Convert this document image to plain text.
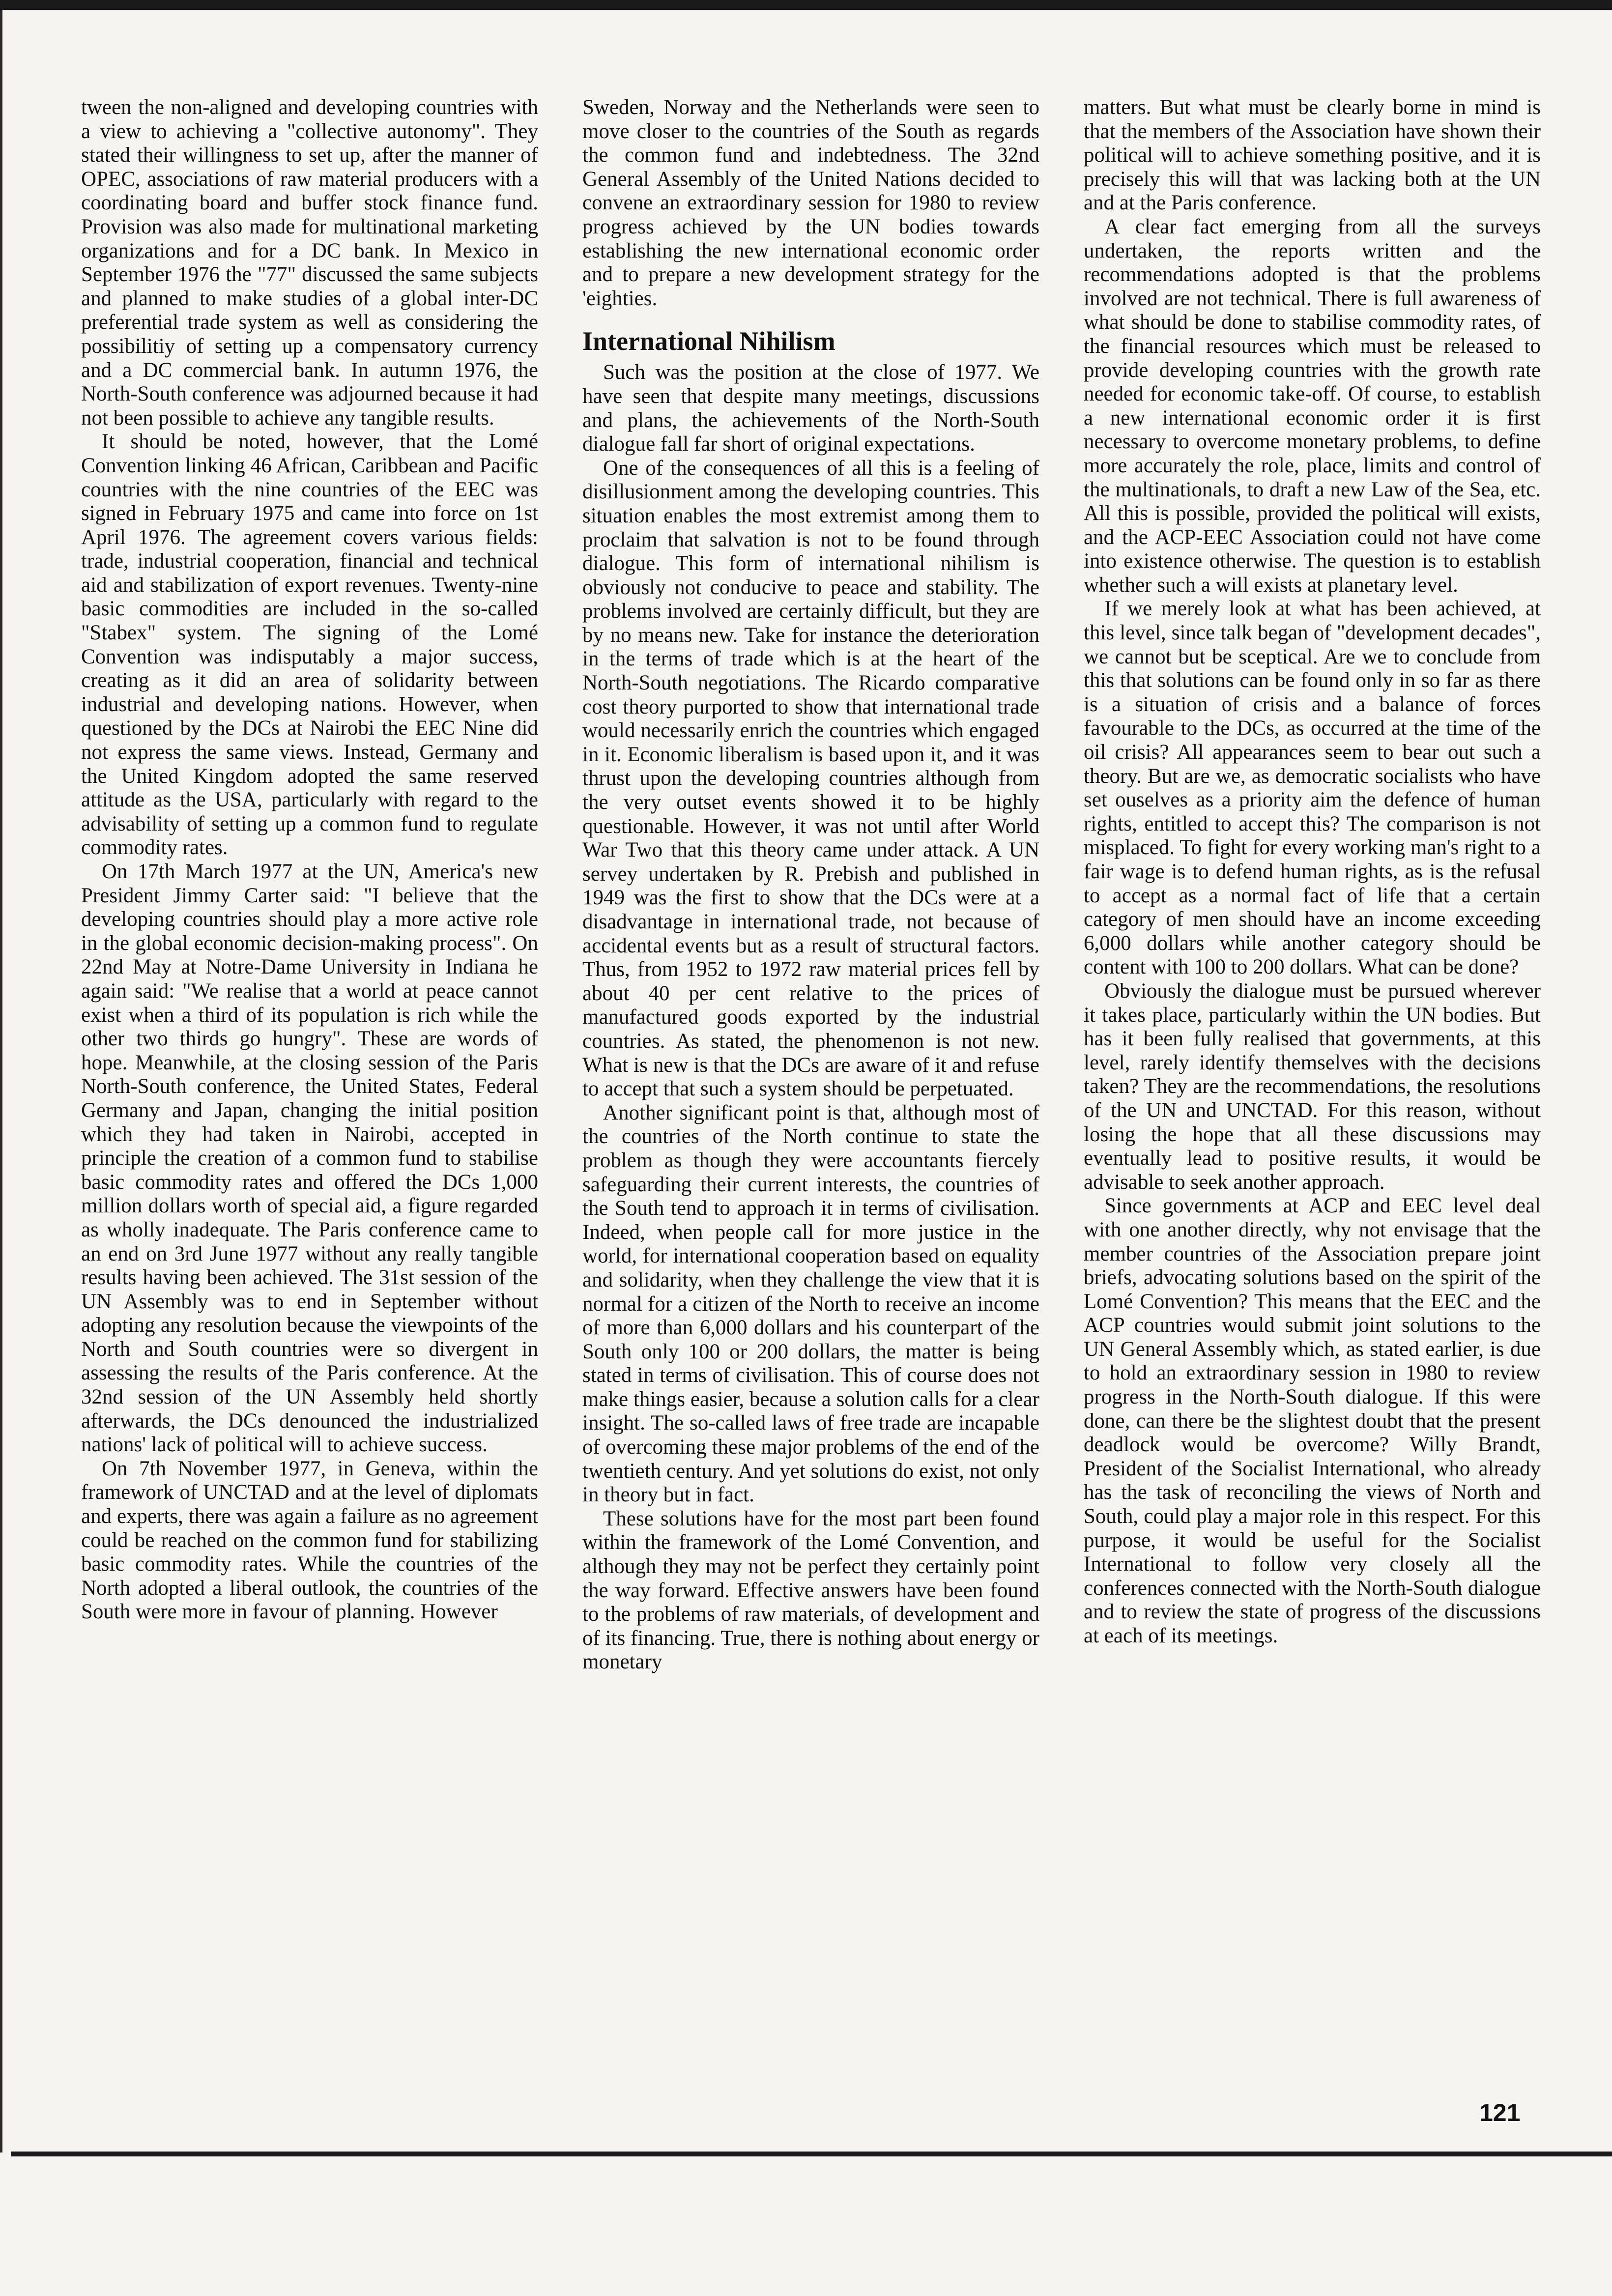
tween the non-aligned and developing countries with a view to achieving a "collective autonomy". They stated their willingness to set up, after the manner of OPEC, associations of raw material producers with a coordinating board and buffer stock finance fund. Provision was also made for multinational marketing organizations and for a DC bank. In Mexico in September 1976 the "77" discussed the same subjects and planned to make studies of a global inter-DC preferential trade system as well as considering the possibilitiy of setting up a compensatory currency and a DC commercial bank. In autumn 1976, the North-South conference was adjourned because it had not been possible to achieve any tangible results.

It should be noted, however, that the Lomé Convention linking 46 African, Caribbean and Pacific countries with the nine countries of the EEC was signed in February 1975 and came into force on 1st April 1976. The agreement covers various fields: trade, industrial cooperation, financial and technical aid and stabilization of export revenues. Twenty-nine basic commodities are included in the so-called "Stabex" system. The signing of the Lomé Convention was indisputably a major success, creating as it did an area of solidarity between industrial and developing nations. However, when questioned by the DCs at Nairobi the EEC Nine did not express the same views. Instead, Germany and the United Kingdom adopted the same reserved attitude as the USA, particularly with regard to the advisability of setting up a common fund to regulate commodity rates.

On 17th March 1977 at the UN, America's new President Jimmy Carter said: "I believe that the developing countries should play a more active role in the global economic decision-making process". On 22nd May at Notre-Dame University in Indiana he again said: "We realise that a world at peace cannot exist when a third of its population is rich while the other two thirds go hungry". These are words of hope. Meanwhile, at the closing session of the Paris North-South conference, the United States, Federal Germany and Japan, changing the initial position which they had taken in Nairobi, accepted in principle the creation of a common fund to stabilise basic commodity rates and offered the DCs 1,000 million dollars worth of special aid, a figure regarded as wholly inadequate. The Paris conference came to an end on 3rd June 1977 without any really tangible results having been achieved. The 31st session of the UN Assembly was to end in September without adopting any resolution because the viewpoints of the North and South countries were so divergent in assessing the results of the Paris conference. At the 32nd session of the UN Assembly held shortly afterwards, the DCs denounced the industrialized nations' lack of political will to achieve success.

On 7th November 1977, in Geneva, within the framework of UNCTAD and at the level of diplomats and experts, there was again a failure as no agreement could be reached on the common fund for stabilizing basic commodity rates. While the countries of the North adopted a liberal outlook, the countries of the South were more in favour of planning. However

Sweden, Norway and the Netherlands were seen to move closer to the countries of the South as regards the common fund and indebtedness. The 32nd General Assembly of the United Nations decided to convene an extraordinary session for 1980 to review progress achieved by the UN bodies towards establishing the new international economic order and to prepare a new development strategy for the 'eighties.

International Nihilism

Such was the position at the close of 1977. We have seen that despite many meetings, discussions and plans, the achievements of the North-South dialogue fall far short of original expectations.

One of the consequences of all this is a feeling of disillusionment among the developing countries. This situation enables the most extremist among them to proclaim that salvation is not to be found through dialogue. This form of international nihilism is obviously not conducive to peace and stability. The problems involved are certainly difficult, but they are by no means new. Take for instance the deterioration in the terms of trade which is at the heart of the North-South negotiations. The Ricardo comparative cost theory purported to show that international trade would necessarily enrich the countries which engaged in it. Economic liberalism is based upon it, and it was thrust upon the developing countries although from the very outset events showed it to be highly questionable. However, it was not until after World War Two that this theory came under attack. A UN servey undertaken by R. Prebish and published in 1949 was the first to show that the DCs were at a disadvantage in international trade, not because of accidental events but as a result of structural factors. Thus, from 1952 to 1972 raw material prices fell by about 40 per cent relative to the prices of manufactured goods exported by the industrial countries. As stated, the phenomenon is not new. What is new is that the DCs are aware of it and refuse to accept that such a system should be perpetuated.

Another significant point is that, although most of the countries of the North continue to state the problem as though they were accountants fiercely safeguarding their current interests, the countries of the South tend to approach it in terms of civilisation. Indeed, when people call for more justice in the world, for international cooperation based on equality and solidarity, when they challenge the view that it is normal for a citizen of the North to receive an income of more than 6,000 dollars and his counterpart of the South only 100 or 200 dollars, the matter is being stated in terms of civilisation. This of course does not make things easier, because a solution calls for a clear insight. The so-called laws of free trade are incapable of overcoming these major problems of the end of the twentieth century. And yet solutions do exist, not only in theory but in fact.

These solutions have for the most part been found within the framework of the Lomé Convention, and although they may not be perfect they certainly point the way forward. Effective answers have been found to the problems of raw materials, of development and of its financing. True, there is nothing about energy or monetary

matters. But what must be clearly borne in mind is that the members of the Association have shown their political will to achieve something positive, and it is precisely this will that was lacking both at the UN and at the Paris conference.

A clear fact emerging from all the surveys undertaken, the reports written and the recommendations adopted is that the problems involved are not technical. There is full awareness of what should be done to stabilise commodity rates, of the financial resources which must be released to provide developing countries with the growth rate needed for economic take-off. Of course, to establish a new international economic order it is first necessary to overcome monetary problems, to define more accurately the role, place, limits and control of the multinationals, to draft a new Law of the Sea, etc. All this is possible, provided the political will exists, and the ACP-EEC Association could not have come into existence otherwise. The question is to establish whether such a will exists at planetary level.

If we merely look at what has been achieved, at this level, since talk began of "development decades", we cannot but be sceptical. Are we to conclude from this that solutions can be found only in so far as there is a situation of crisis and a balance of forces favourable to the DCs, as occurred at the time of the oil crisis? All appearances seem to bear out such a theory. But are we, as democratic socialists who have set ouselves as a priority aim the defence of human rights, entitled to accept this? The comparison is not misplaced. To fight for every working man's right to a fair wage is to defend human rights, as is the refusal to accept as a normal fact of life that a certain category of men should have an income exceeding 6,000 dollars while another category should be content with 100 to 200 dollars. What can be done?

Obviously the dialogue must be pursued wherever it takes place, particularly within the UN bodies. But has it been fully realised that governments, at this level, rarely identify themselves with the decisions taken? They are the recommendations, the resolutions of the UN and UNCTAD. For this reason, without losing the hope that all these discussions may eventually lead to positive results, it would be advisable to seek another approach.

Since governments at ACP and EEC level deal with one another directly, why not envisage that the member countries of the Association prepare joint briefs, advocating solutions based on the spirit of the Lomé Convention? This means that the EEC and the ACP countries would submit joint solutions to the UN General Assembly which, as stated earlier, is due to hold an extraordinary session in 1980 to review progress in the North-South dialogue. If this were done, can there be the slightest doubt that the present deadlock would be overcome? Willy Brandt, President of the Socialist International, who already has the task of reconciling the views of North and South, could play a major role in this respect. For this purpose, it would be useful for the Socialist International to follow very closely all the conferences connected with the North-South dialogue and to review the state of progress of the discussions at each of its meetings.

121
